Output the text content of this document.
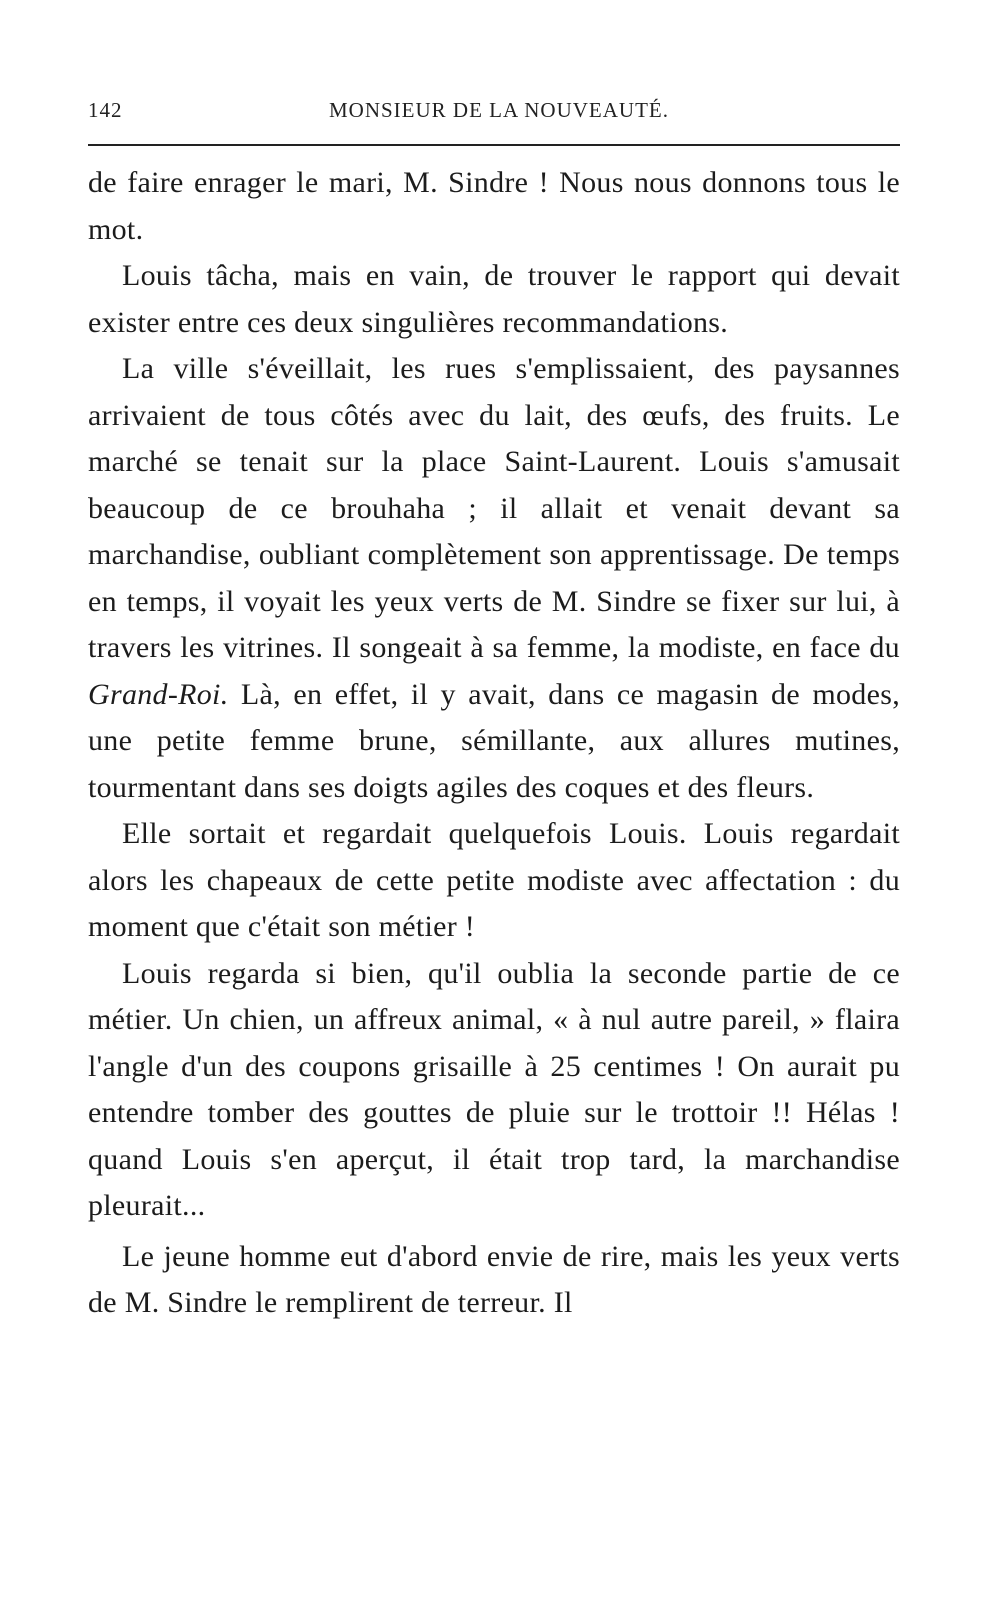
142	MONSIEUR DE LA NOUVEAUTÉ.

de faire enrager le mari, M. Sindre ! Nous nous donnons tous le mot.

Louis tâcha, mais en vain, de trouver le rapport qui devait exister entre ces deux singulières recommandations.

La ville s'éveillait, les rues s'emplissaient, des paysannes arrivaient de tous côtés avec du lait, des œufs, des fruits. Le marché se tenait sur la place Saint-Laurent. Louis s'amusait beaucoup de ce brouhaha ; il allait et venait devant sa marchandise, oubliant complètement son apprentissage. De temps en temps, il voyait les yeux verts de M. Sindre se fixer sur lui, à travers les vitrines. Il songeait à sa femme, la modiste, en face du Grand-Roi. Là, en effet, il y avait, dans ce magasin de modes, une petite femme brune, sémillante, aux allures mutines, tourmentant dans ses doigts agiles des coques et des fleurs.

Elle sortait et regardait quelquefois Louis. Louis regardait alors les chapeaux de cette petite modiste avec affectation : du moment que c'était son métier !

Louis regarda si bien, qu'il oublia la seconde partie de ce métier. Un chien, un affreux animal, « à nul autre pareil, » flaira l'angle d'un des coupons grisaille à 25 centimes ! On aurait pu entendre tomber des gouttes de pluie sur le trottoir !! Hélas ! quand Louis s'en aperçut, il était trop tard, la marchandise pleurait...

Le jeune homme eut d'abord envie de rire, mais les yeux verts de M. Sindre le remplirent de terreur. Il
